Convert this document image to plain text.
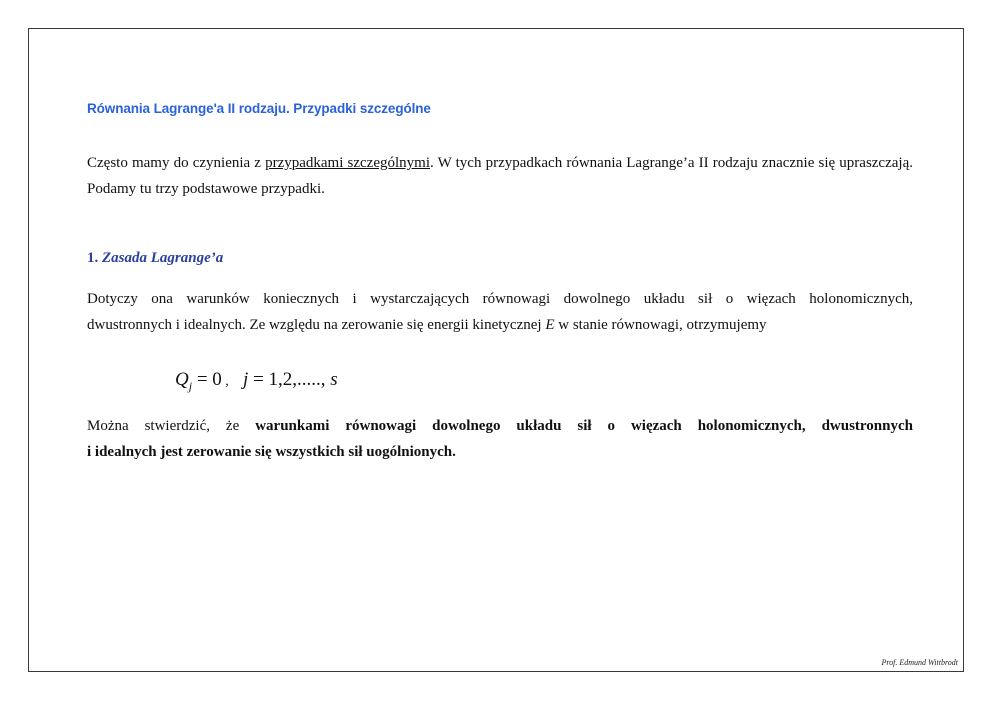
Równania Lagrange'a II rodzaju. Przypadki szczególne
Często mamy do czynienia z przypadkami szczególnymi. W tych przypadkach równania Lagrange’a II rodzaju znacznie się upraszczają. Podamy tu trzy podstawowe przypadki.
1. Zasada Lagrange’a
Dotyczy ona warunków koniecznych i wystarczających równowagi dowolnego układu sił o więzach holonomicznych,
dwustronnych i idealnych. Ze względu na zerowanie się energii kinetycznej E w stanie równowagi, otrzymujemy
$Q_j = 0$ , j = 1,2,....., s
Można stwierdzić, że warunkami równowagi dowolnego układu sił o więzach holonomicznych, dwustronnych
i idealnych jest zerowanie się wszystkich sił uogólnionych.
Prof. Edmund Wittbrodt
